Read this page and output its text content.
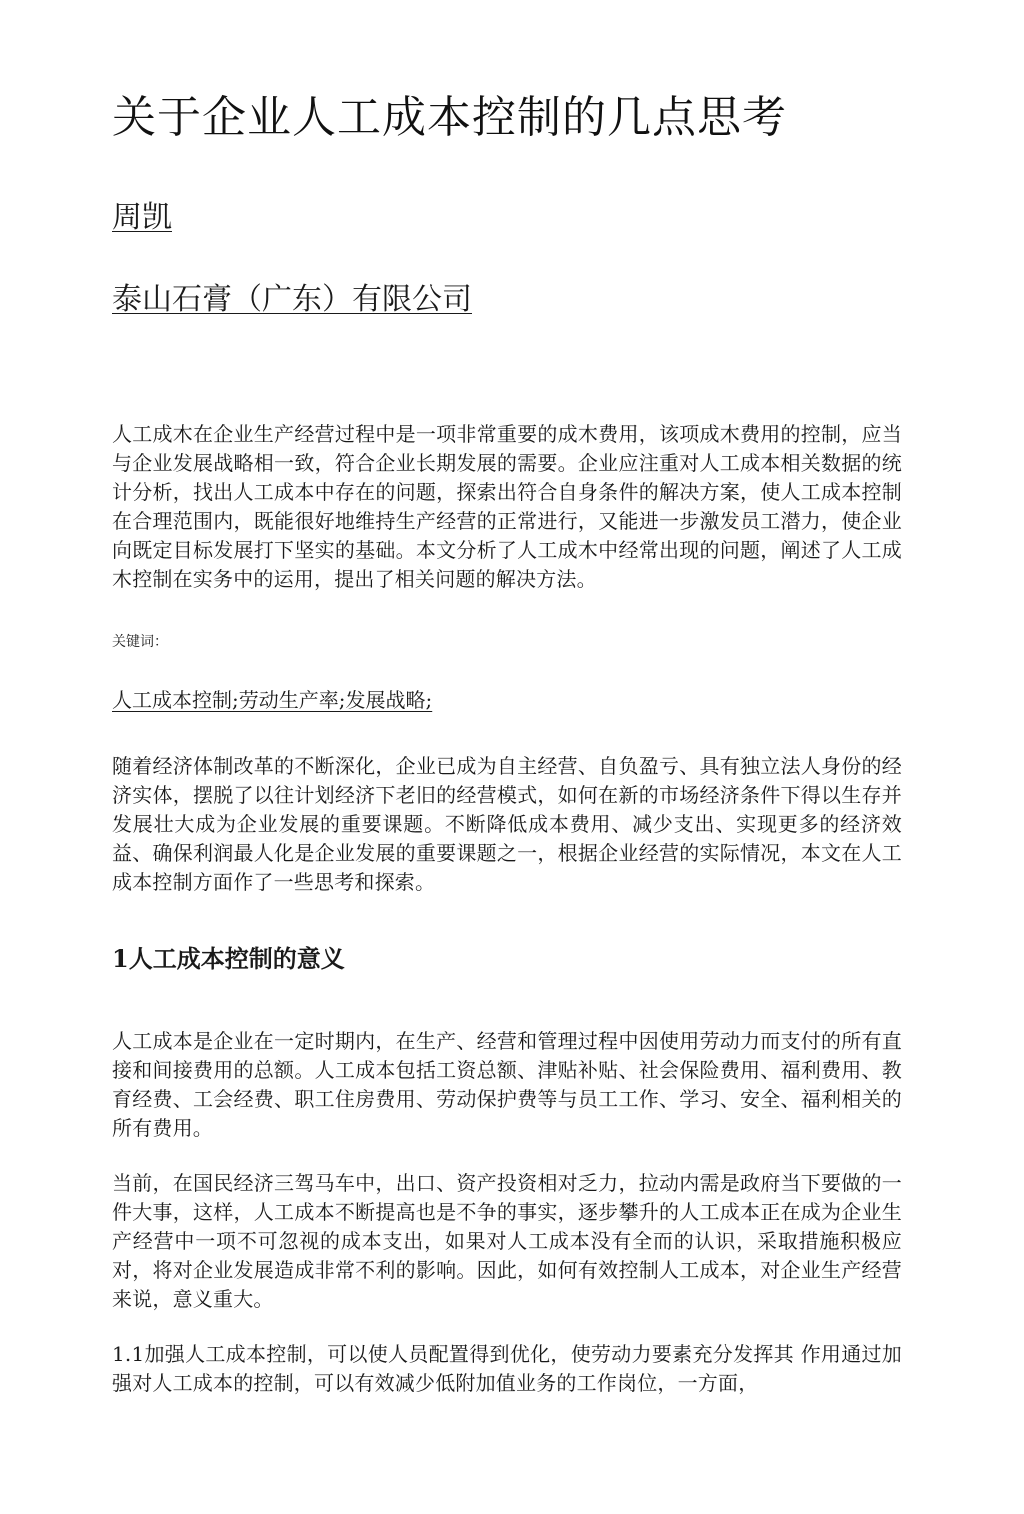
关于企业人工成本控制的几点思考
周凯
泰山石膏（广东）有限公司

人工成木在企业生产经营过程中是一项非常重要的成木费用，该项成木费用的控制，应当与企业发展战略相一致，符合企业长期发展的需要。企业应注重对人工成本相关数据的统计分析，找出人工成本中存在的问题，探索出符合自身条件的解决方案，使人工成本控制在合理范围内，既能很好地维持生产经营的正常进行，又能进一步激发员工潜力，使企业向既定目标发展打下坚实的基础。本文分析了人工成木中经常出现的问题，阐述了人工成木控制在实务中的运用，提出了相关问题的解决方法。

关键词：
人工成本控制;劳动生产率;发展战略;

随着经济体制改革的不断深化，企业已成为自主经营、自负盈亏、具有独立法人身份的经济实体，摆脱了以往计划经济下老旧的经营模式，如何在新的市场经济条件下得以生存并发展壮大成为企业发展的重要课题。不断降低成本费用、减少支出、实现更多的经济效益、确保利润最人化是企业发展的重要课题之一，根据企业经营的实际情况，本文在人工成本控制方面作了一些思考和探索。

1人工成本控制的意义

人工成本是企业在一定时期内，在生产、经营和管理过程中因使用劳动力而支付的所有直接和间接费用的总额。人工成本包括工资总额、津贴补贴、社会保险费用、福利费用、教育经费、工会经费、职工住房费用、劳动保护费等与员工工作、学习、安全、福利相关的所有费用。

当前，在国民经济三驾马车中，出口、资产投资相对乏力，拉动内需是政府当下要做的一件大事，这样，人工成本不断提高也是不争的事实，逐步攀升的人工成本正在成为企业生产经营中一项不可忽视的成本支出，如果对人工成本没有全而的认识，采取措施积极应对，将对企业发展造成非常不利的影响。因此，如何有效控制人工成本，对企业生产经营来说，意义重大。

1.1加强人工成本控制，可以使人员配置得到优化，使劳动力要素充分发挥其 作用通过加强对人工成本的控制，可以有效减少低附加值业务的工作岗位，一方面，
